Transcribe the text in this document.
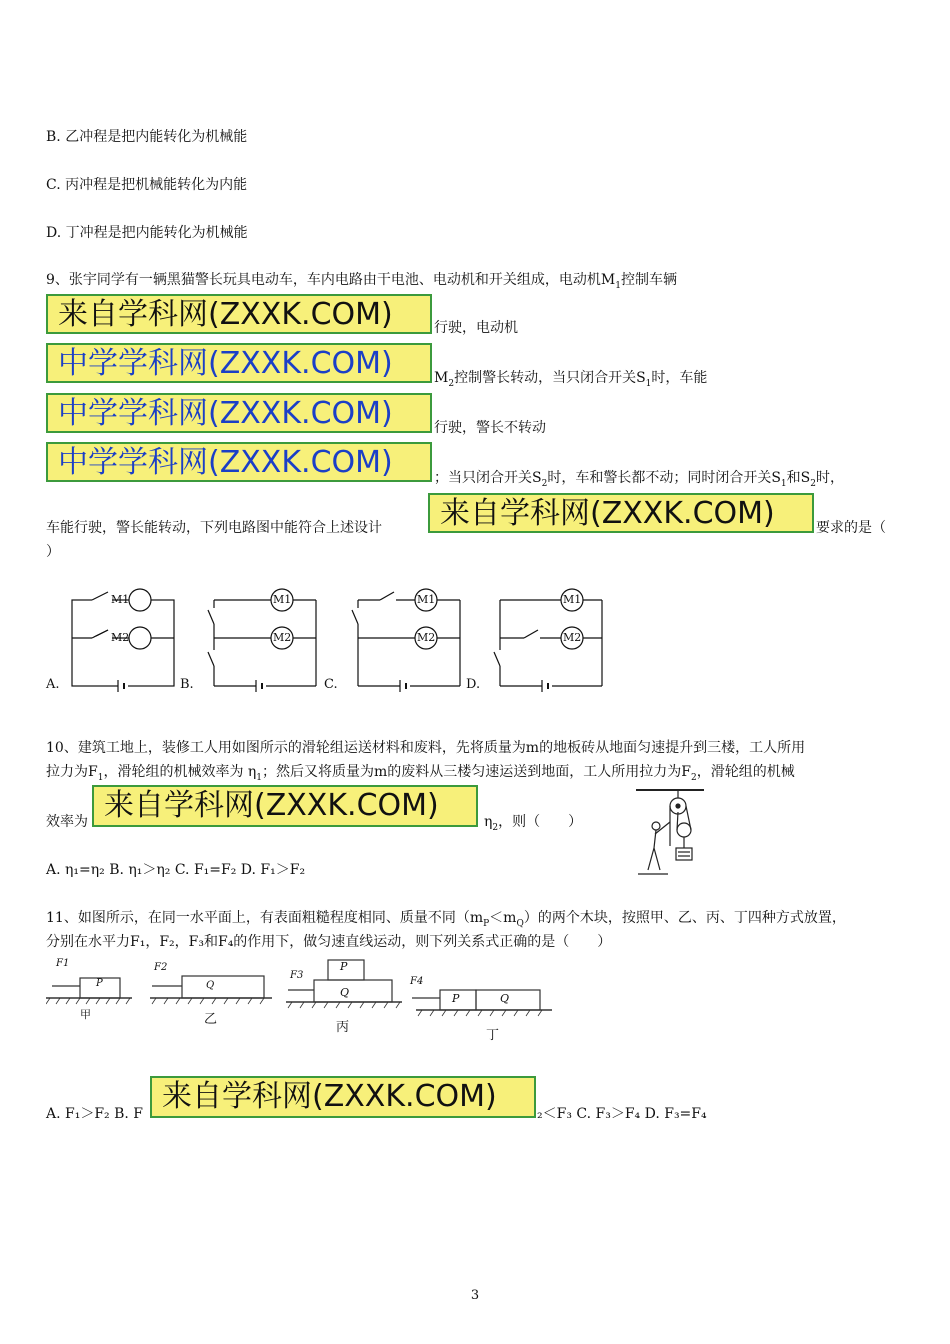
B. 乙冲程是把内能转化为机械能
C. 丙冲程是把机械能转化为内能
D. 丁冲程是把内能转化为机械能
9、张宇同学有一辆黑猫警长玩具电动车，车内电路由干电池、电动机和开关组成，电动机$M_1$控制车辆
来自学科网(ZXXK.COM)	行驶，电动机
中学学科网(ZXXK.COM)	$M_2$控制警长转动，当只闭合开关$S_1$时，车能
中学学科网(ZXXK.COM)	行驶，警长不转动
中学学科网(ZXXK.COM)	；当只闭合开关$S_2$时，车和警长都不动；同时闭合开关$S_1$和$S_2$时，
车能行驶，警长能转动，下列电路图中能符合上述设计	来自学科网(ZXXK.COM)	要求的是（
）
M1
M2
M1
M2
M1
M2
M1
M2
A.	B.	C.	D.
10、建筑工地上，装修工人用如图所示的滑轮组运送材料和废料，先将质量为m的地板砖从地面匀速提升到三楼，工人所用
拉力为$F_1$，滑轮组的机械效率为 $\eta_1$；然后又将质量为m的废料从三楼匀速运送到地面，工人所用拉力为$F_2$，滑轮组的机械
效率为 来自学科网(ZXXK.COM)	$\eta_2$，则（　　）
A. η₁=η₂ B. η₁＞η₂ C. F₁=F₂ D. F₁＞F₂
11、如图所示，在同一水平面上，有表面粗糙程度相同、质量不同$(m_P<m_Q)$的两个木块，按照甲、乙、丙、丁四种方式放置，
分别在水平力F₁，F₂，F₃和F₄的作用下，做匀速直线运动，则下列关系式正确的是（　　）
F1
P
甲
F2
Q
乙
F3
P
Q
丙
F4
P	Q
丁
A. F₁＞F₂ B. F 来自学科网(ZXXK.COM)	₂＜F₃ C. F₃＞F₄ D. F₃=F₄
3
